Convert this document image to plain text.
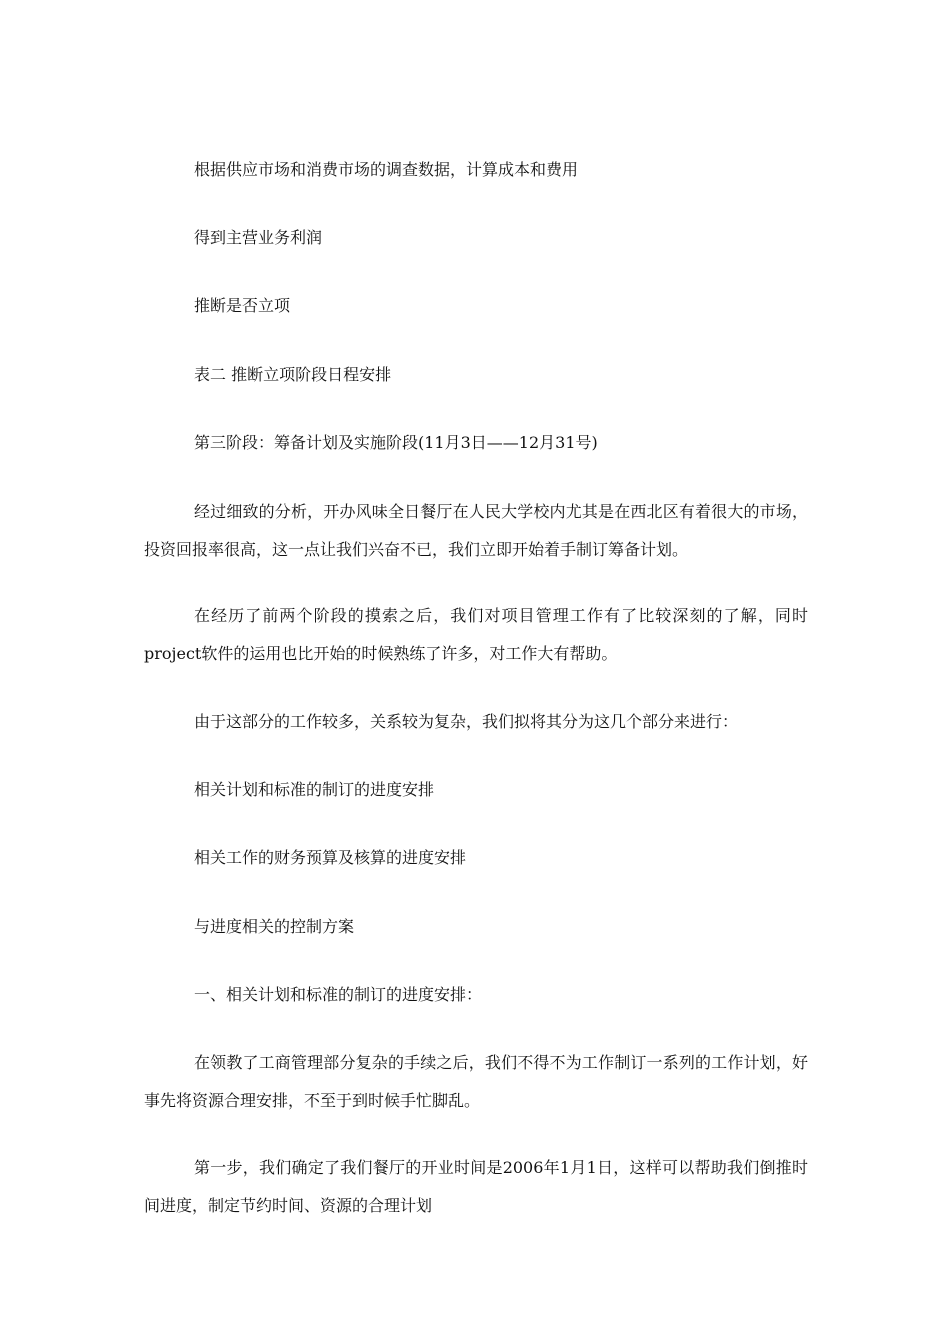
根据供应市场和消费市场的调查数据，计算成本和费用

得到主营业务利润

推断是否立项

表二 推断立项阶段日程安排

第三阶段：筹备计划及实施阶段(11月3日——12月31号)

经过细致的分析，开办风味全日餐厅在人民大学校内尤其是在西北区有着很大的市场，投资回报率很高，这一点让我们兴奋不已，我们立即开始着手制订筹备计划。

在经历了前两个阶段的摸索之后，我们对项目管理工作有了比较深刻的了解，同时project软件的运用也比开始的时候熟练了许多，对工作大有帮助。

由于这部分的工作较多，关系较为复杂，我们拟将其分为这几个部分来进行：

相关计划和标准的制订的进度安排

相关工作的财务预算及核算的进度安排

与进度相关的控制方案

一、相关计划和标准的制订的进度安排：

在领教了工商管理部分复杂的手续之后，我们不得不为工作制订一系列的工作计划，好事先将资源合理安排，不至于到时候手忙脚乱。

第一步，我们确定了我们餐厅的开业时间是2006年1月1日，这样可以帮助我们倒推时间进度，制定节约时间、资源的合理计划
